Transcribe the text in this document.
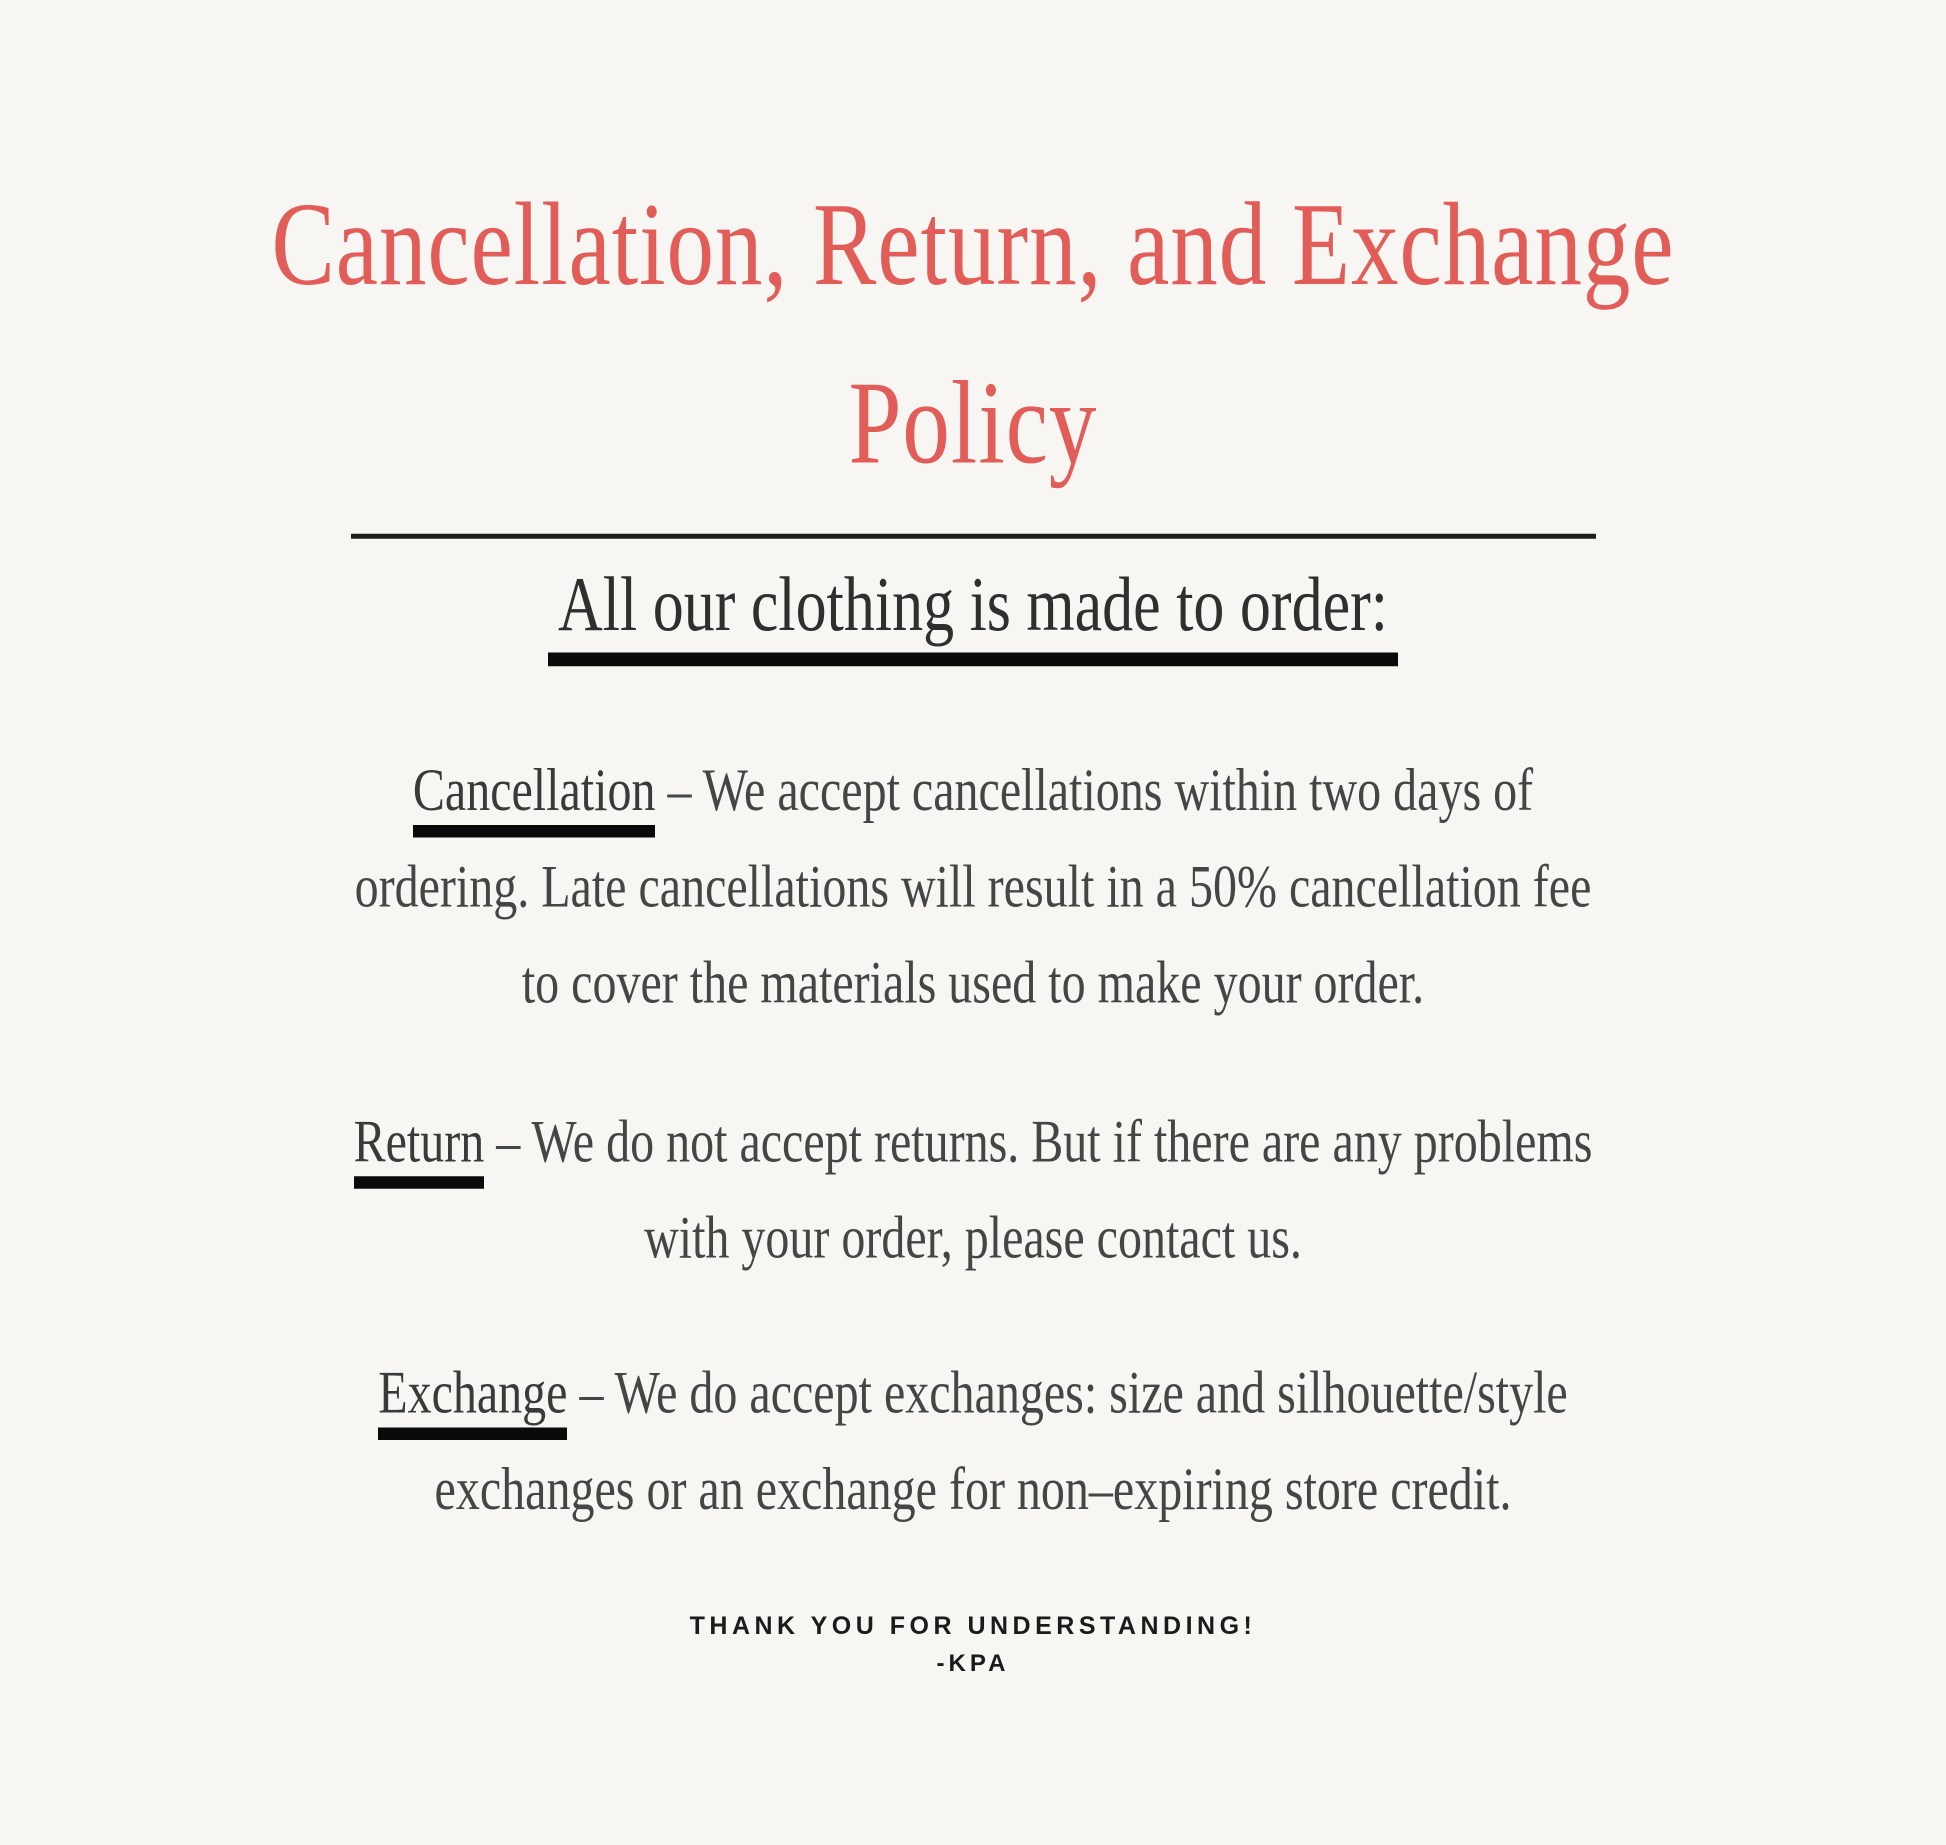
Cancellation, Return, and Exchange
Policy
All our clothing is made to order:

Cancellation – We accept cancellations within two days of
ordering. Late cancellations will result in a 50% cancellation fee
to cover the materials used to make your order.

Return – We do not accept returns. But if there are any problems
with your order, please contact us.

Exchange – We do accept exchanges: size and silhouette/style
exchanges or an exchange for non–expiring store credit.

THANK YOU FOR UNDERSTANDING!
-KPA
